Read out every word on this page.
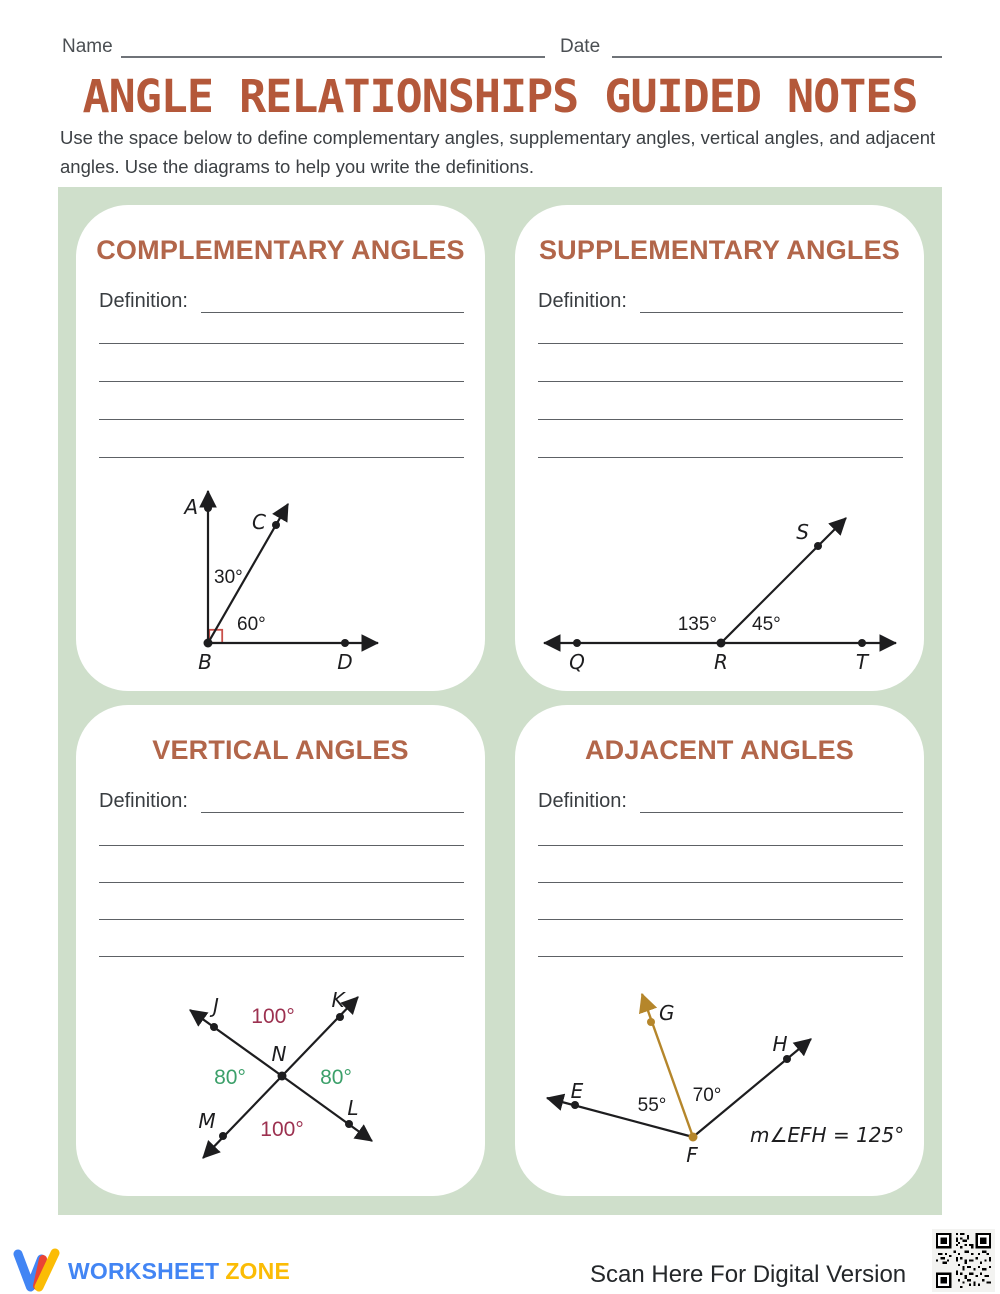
Name	Date
ANGLE RELATIONSHIPS GUIDED NOTES

Use the space below to define complementary angles, supplementary angles, vertical angles, and adjacent angles. Use the diagrams to help you write the definitions.

COMPLEMENTARY ANGLES
Definition:
A
C
B	D
30°
60°
SUPPLEMENTARY ANGLES
Definition:
Q	R	T
S
135° 45°
VERTICAL ANGLES
Definition:
J	K
N
M
L
100°
80°	80°
100°
ADJACENT ANGLES
Definition:
E
G
H
F
55° 70°
m∠EFH = 125°
WORKSHEET ZONE	Scan Here For Digital Version
